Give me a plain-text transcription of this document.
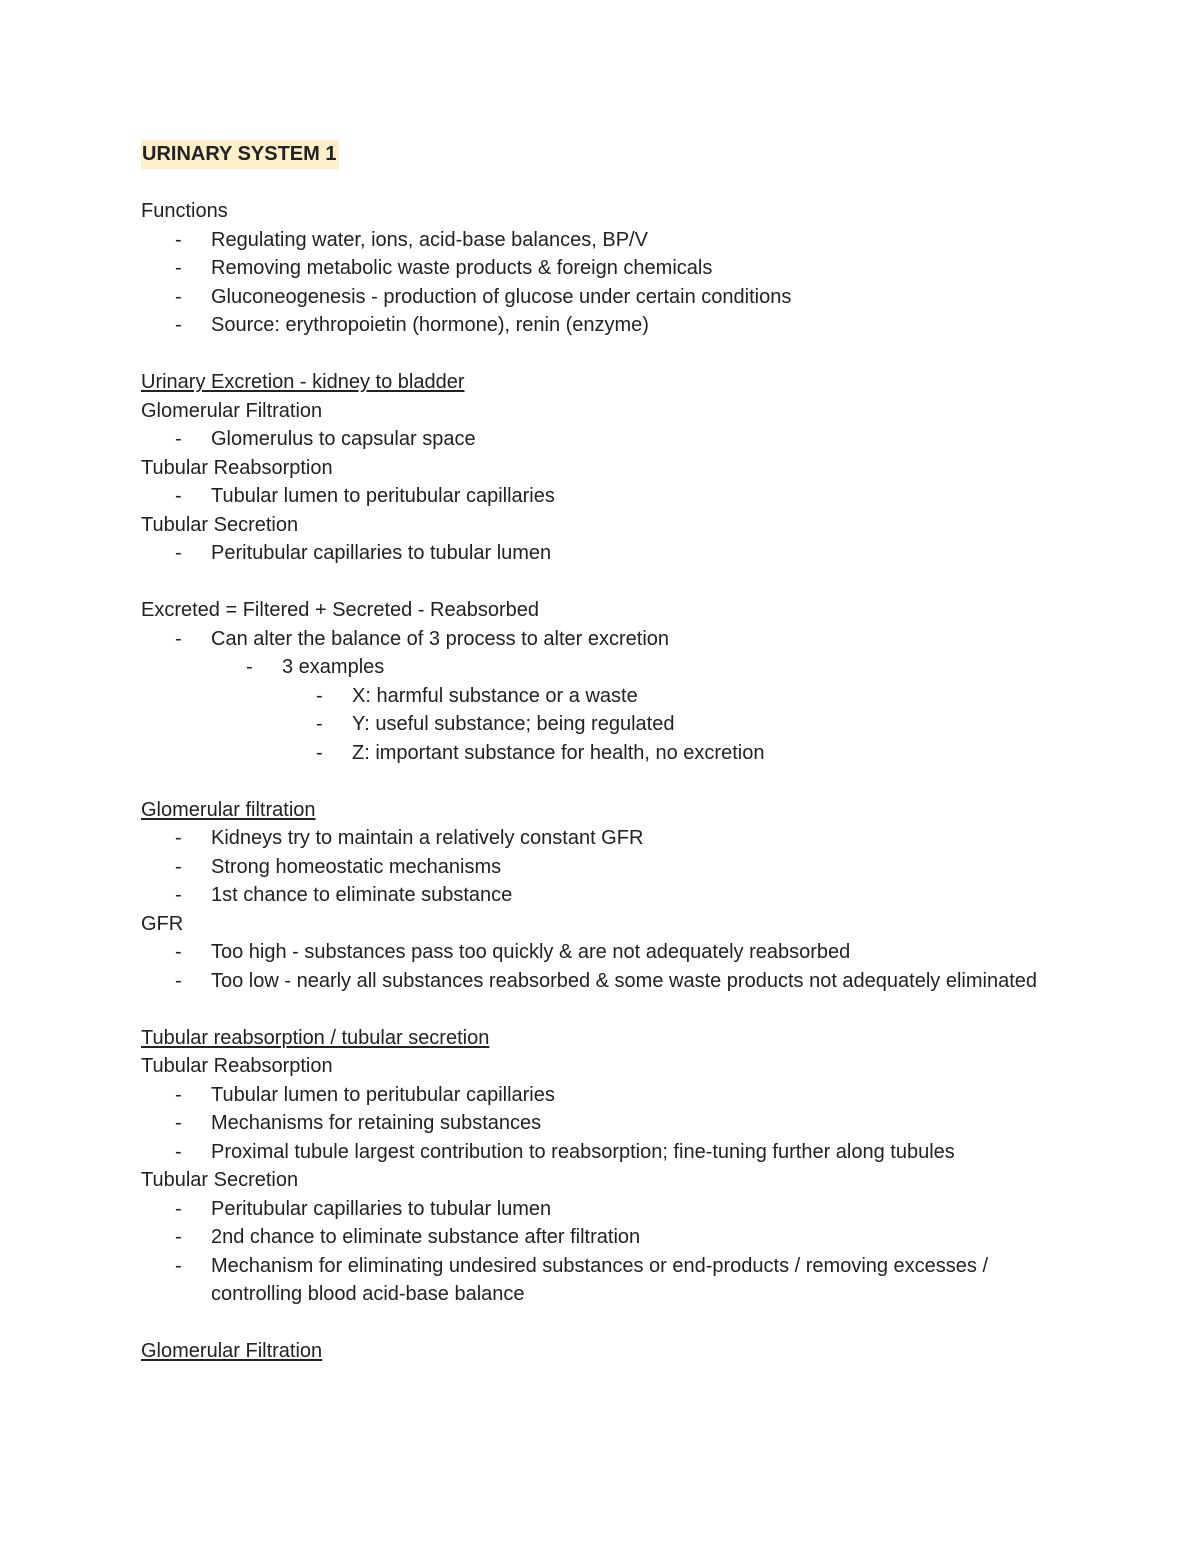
URINARY SYSTEM 1
Functions
- Regulating water, ions, acid-base balances, BP/V
- Removing metabolic waste products & foreign chemicals
- Gluconeogenesis - production of glucose under certain conditions
- Source: erythropoietin (hormone), renin (enzyme)
Urinary Excretion - kidney to bladder
Glomerular Filtration
- Glomerulus to capsular space
Tubular Reabsorption
- Tubular lumen to peritubular capillaries
Tubular Secretion
- Peritubular capillaries to tubular lumen
Excreted = Filtered + Secreted - Reabsorbed
- Can alter the balance of 3 process to alter excretion
- 3 examples
- X: harmful substance or a waste
- Y: useful substance; being regulated
- Z: important substance for health, no excretion
Glomerular filtration
- Kidneys try to maintain a relatively constant GFR
- Strong homeostatic mechanisms
- 1st chance to eliminate substance
GFR
- Too high - substances pass too quickly & are not adequately reabsorbed
- Too low - nearly all substances reabsorbed & some waste products not adequately eliminated
Tubular reabsorption / tubular secretion
Tubular Reabsorption
- Tubular lumen to peritubular capillaries
- Mechanisms for retaining substances
- Proximal tubule largest contribution to reabsorption; fine-tuning further along tubules
Tubular Secretion
- Peritubular capillaries to tubular lumen
- 2nd chance to eliminate substance after filtration
- Mechanism for eliminating undesired substances or end-products / removing excesses / controlling blood acid-base balance
Glomerular Filtration
